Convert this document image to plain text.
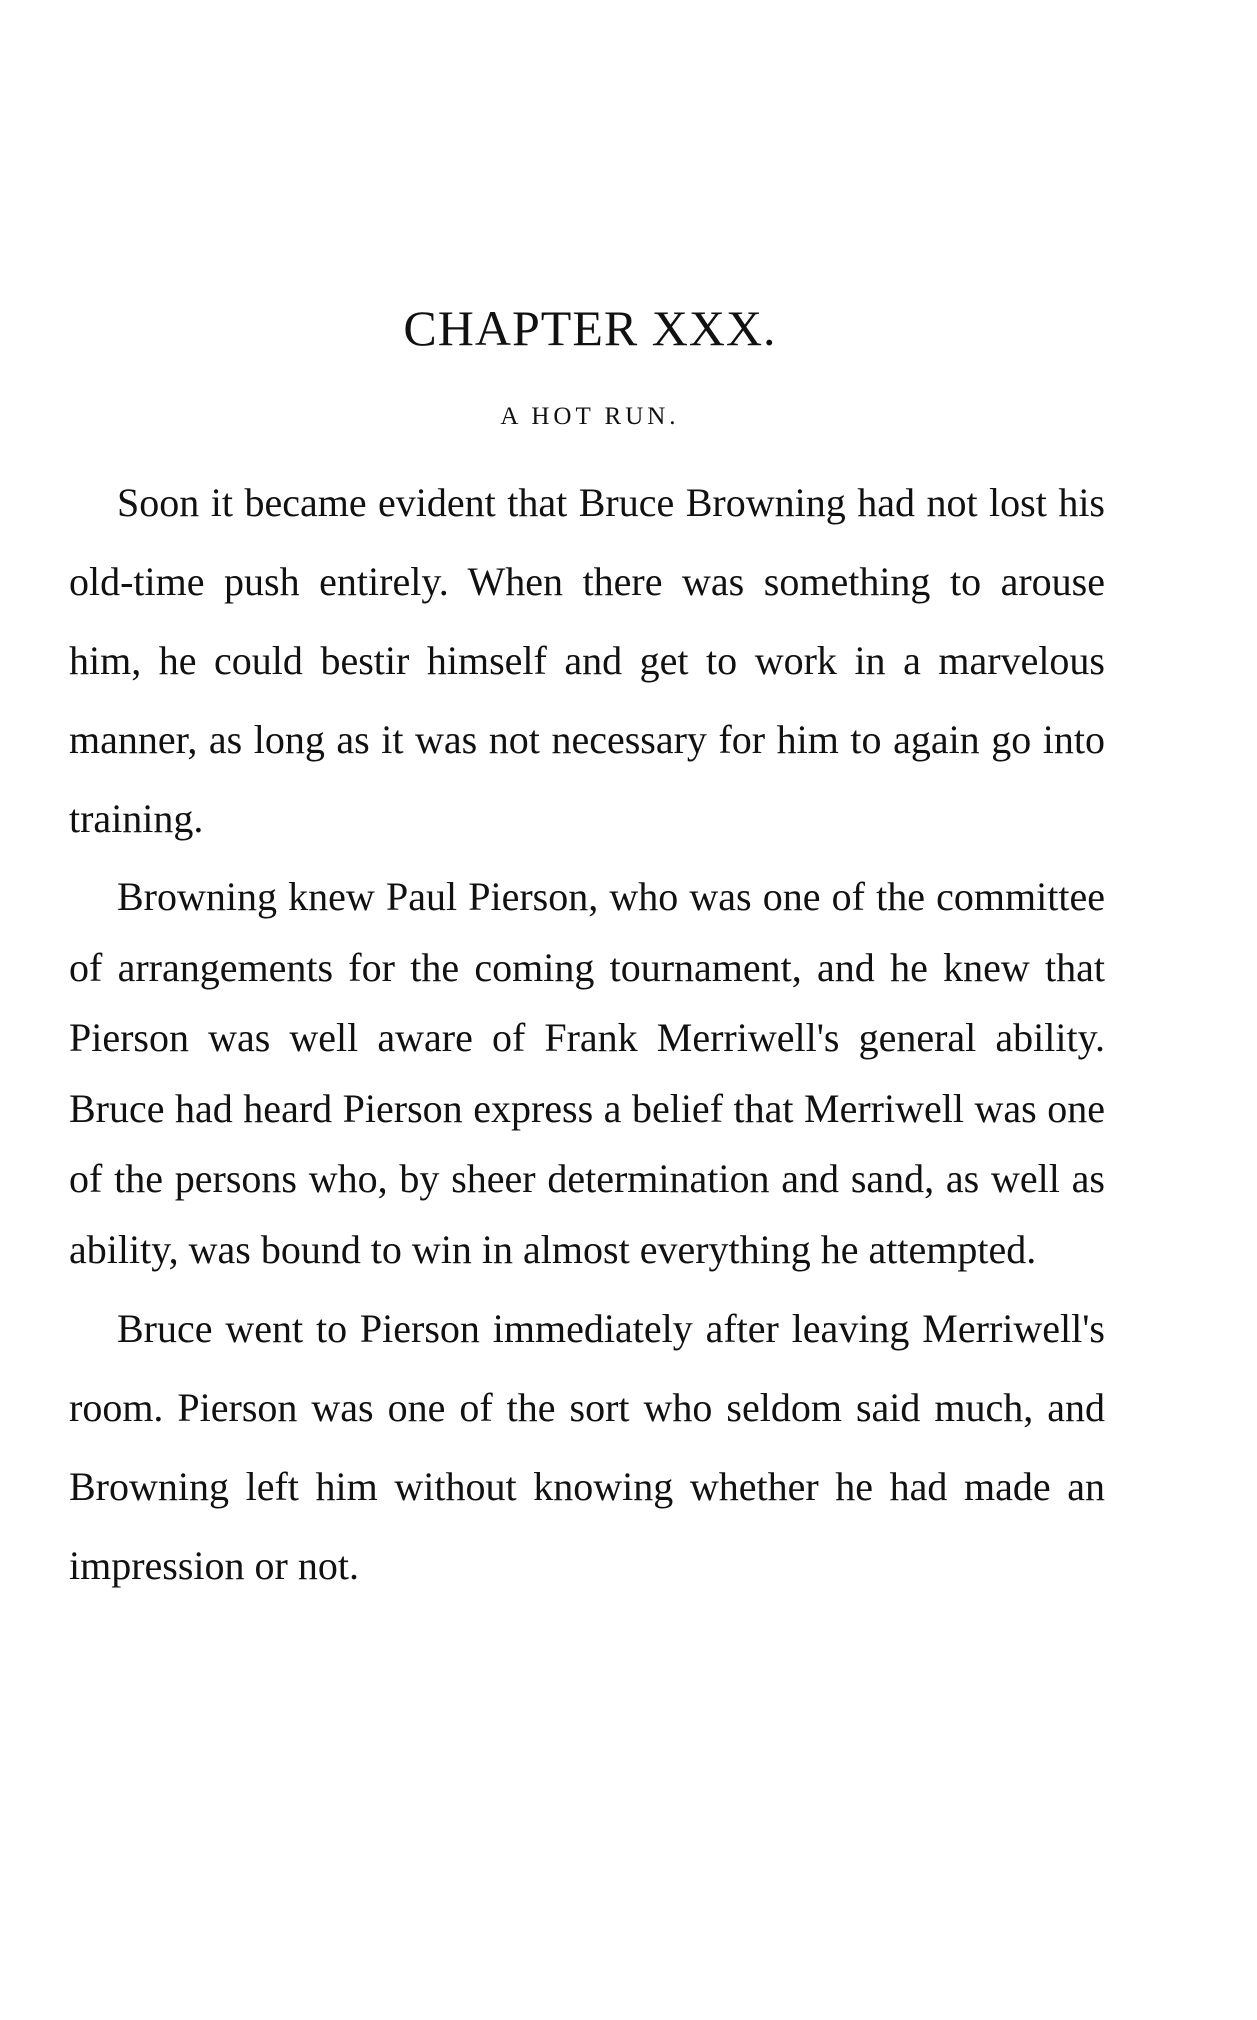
CHAPTER XXX.
A HOT RUN.

Soon it became evident that Bruce Browning had not lost his old-time push entirely. When there was something to arouse him, he could bestir himself and get to work in a marvelous manner, as long as it was not necessary for him to again go into training.

Browning knew Paul Pierson, who was one of the committee of arrangements for the coming tournament, and he knew that Pierson was well aware of Frank Merriwell's general ability. Bruce had heard Pierson express a belief that Merriwell was one of the persons who, by sheer determination and sand, as well as ability, was bound to win in almost everything he attempted.

Bruce went to Pierson immediately after leaving Merriwell's room. Pierson was one of the sort who seldom said much, and Browning left him without knowing whether he had made an impression or not.
